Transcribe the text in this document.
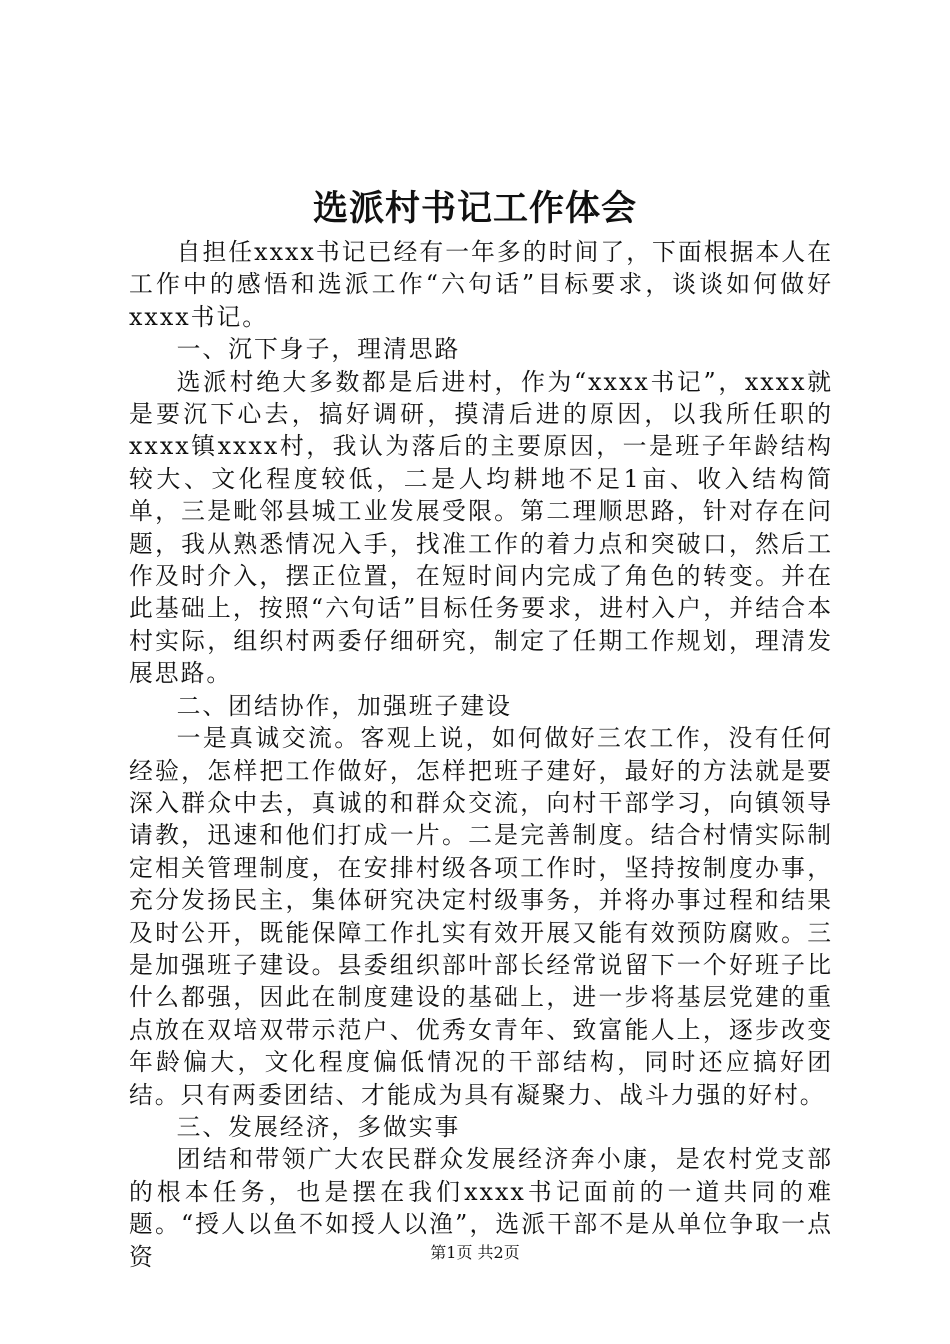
选派村书记工作体会

自担任xxxx书记已经有一年多的时间了，下面根据本人在工作中的感悟和选派工作“六句话”目标要求，谈谈如何做好xxxx书记。

一、沉下身子，理清思路

选派村绝大多数都是后进村，作为“xxxx书记”，xxxx就是要沉下心去，搞好调研，摸清后进的原因，以我所任职的xxxx镇xxxx村，我认为落后的主要原因，一是班子年龄结构较大、文化程度较低，二是人均耕地不足1亩、收入结构简单，三是毗邻县城工业发展受限。第二理顺思路，针对存在问题，我从熟悉情况入手，找准工作的着力点和突破口，然后工作及时介入，摆正位置，在短时间内完成了角色的转变。并在此基础上，按照“六句话”目标任务要求，进村入户，并结合本村实际，组织村两委仔细研究，制定了任期工作规划，理清发展思路。

二、团结协作，加强班子建设

一是真诚交流。客观上说，如何做好三农工作，没有任何经验，怎样把工作做好，怎样把班子建好，最好的方法就是要深入群众中去，真诚的和群众交流，向村干部学习，向镇领导请教，迅速和他们打成一片。二是完善制度。结合村情实际制定相关管理制度，在安排村级各项工作时，坚持按制度办事，充分发扬民主，集体研究决定村级事务，并将办事过程和结果及时公开，既能保障工作扎实有效开展又能有效预防腐败。三是加强班子建设。县委组织部叶部长经常说留下一个好班子比什么都强，因此在制度建设的基础上，进一步将基层党建的重点放在双培双带示范户、优秀女青年、致富能人上，逐步改变年龄偏大，文化程度偏低情况的干部结构，同时还应搞好团结。只有两委团结、才能成为具有凝聚力、战斗力强的好村。

三、发展经济，多做实事

团结和带领广大农民群众发展经济奔小康，是农村党支部的根本任务，也是摆在我们xxxx书记面前的一道共同的难题。“授人以鱼不如授人以渔”，选派干部不是从单位争取一点资	第1页 共2页
